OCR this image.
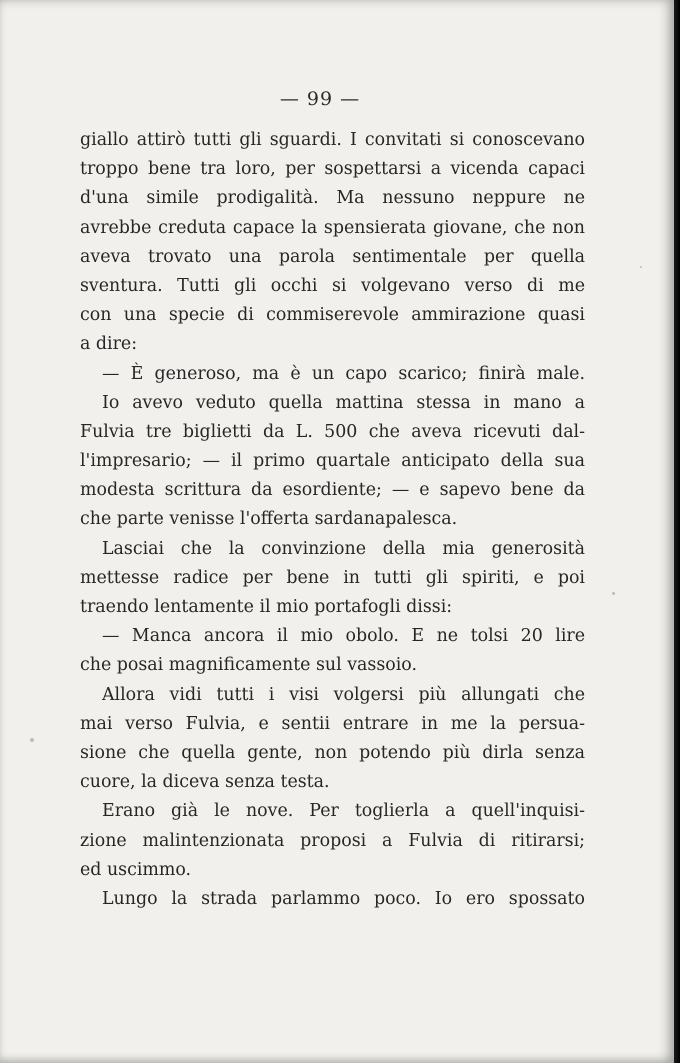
— 99 —
giallo attirò tutti gli sguardi. I convitati si conoscevano
troppo bene tra loro, per sospettarsi a vicenda capaci
d'una simile prodigalità. Ma nessuno neppure ne
avrebbe creduta capace la spensierata giovane, che non
aveva trovato una parola sentimentale per quella
sventura. Tutti gli occhi si volgevano verso di me
con una specie di commiserevole ammirazione quasi
a dire:
— È generoso, ma è un capo scarico; finirà male.
Io avevo veduto quella mattina stessa in mano a
Fulvia tre biglietti da L. 500 che aveva ricevuti dal-
l'impresario; — il primo quartale anticipato della sua
modesta scrittura da esordiente; — e sapevo bene da
che parte venisse l'offerta sardanapalesca.
Lasciai che la convinzione della mia generosità
mettesse radice per bene in tutti gli spiriti, e poi
traendo lentamente il mio portafogli dissi:
— Manca ancora il mio obolo. E ne tolsi 20 lire
che posai magnificamente sul vassoio.
Allora vidi tutti i visi volgersi più allungati che
mai verso Fulvia, e sentii entrare in me la persua-
sione che quella gente, non potendo più dirla senza
cuore, la diceva senza testa.
Erano già le nove. Per toglierla a quell'inquisi-
zione malintenzionata proposi a Fulvia di ritirarsi;
ed uscimmo.
Lungo la strada parlammo poco. Io ero spossato
